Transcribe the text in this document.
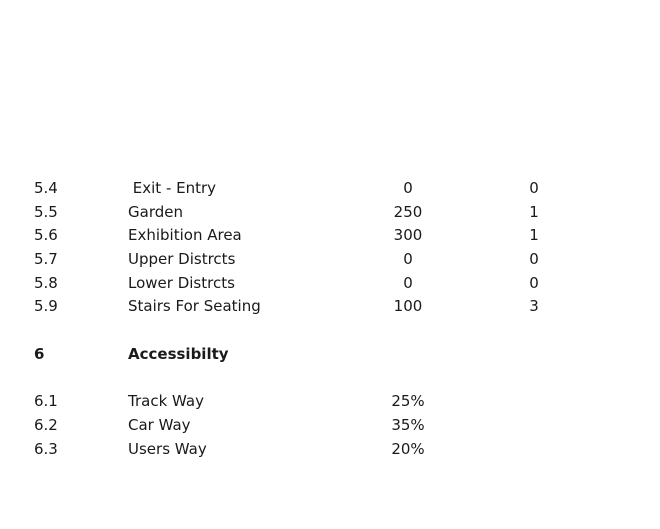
5.4	Exit - Entry	0	0
5.5	Garden	250	1
5.6	Exhibition Area	300	1
5.7	Upper Distrcts	0	0
5.8	Lower Distrcts	0	0
5.9	Stairs For Seating	100	3
6	Accessibilty
6.1	Track Way	25%
6.2	Car Way	35%
6.3	Users Way	20%
